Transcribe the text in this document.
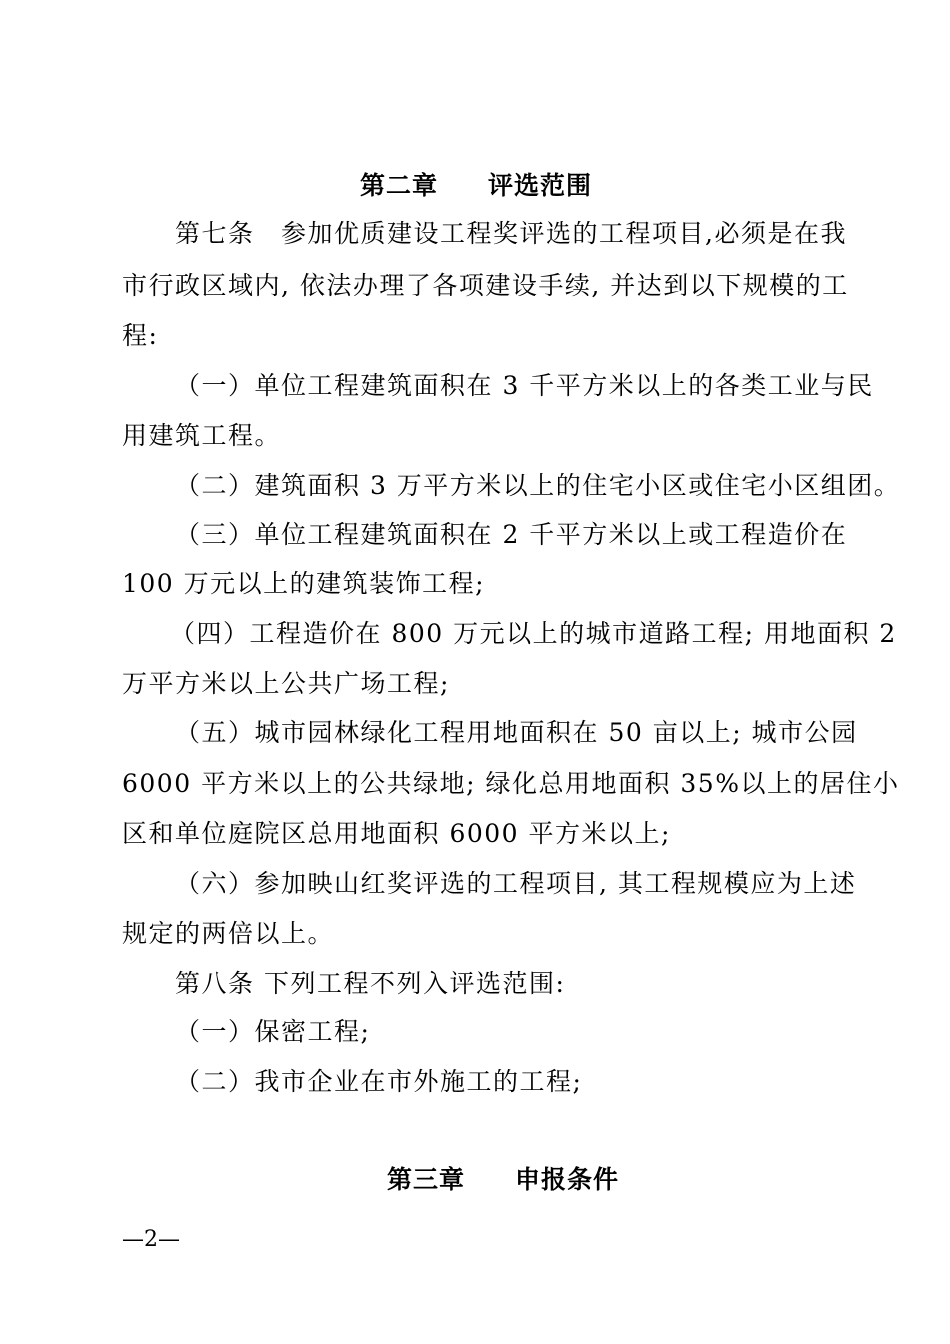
第二章 评选范围
第七条　参加优质建设工程奖评选的工程项目,必须是在我
市行政区域内, 依法办理了各项建设手续, 并达到以下规模的工
程:
（一）单位工程建筑面积在 3 千平方米以上的各类工业与民
用建筑工程。
（二）建筑面积 3 万平方米以上的住宅小区或住宅小区组团。
（三）单位工程建筑面积在 2 千平方米以上或工程造价在
100 万元以上的建筑装饰工程;
（四）工程造价在 800 万元以上的城市道路工程; 用地面积 2
万平方米以上公共广场工程;
（五）城市园林绿化工程用地面积在 50 亩以上; 城市公园
6000 平方米以上的公共绿地; 绿化总用地面积 35%以上的居住小
区和单位庭院区总用地面积 6000 平方米以上;
（六）参加映山红奖评选的工程项目, 其工程规模应为上述
规定的两倍以上。
第八条 下列工程不列入评选范围:
（一）保密工程;
（二）我市企业在市外施工的工程;
第三章 申报条件
—2—
